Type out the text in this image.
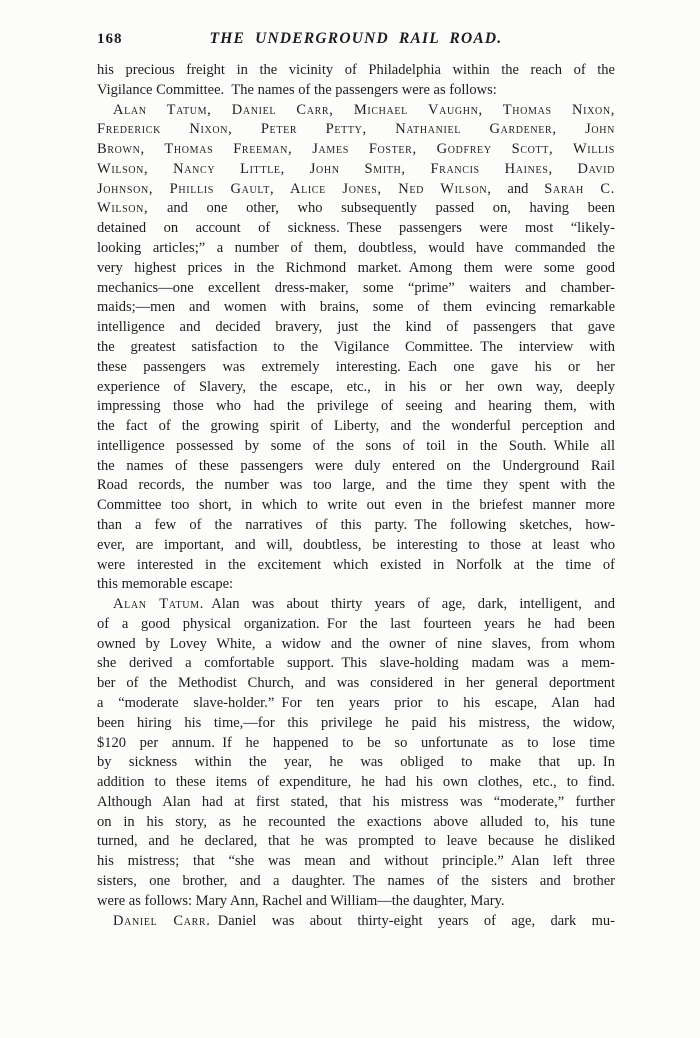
168	THE UNDERGROUND RAIL ROAD.
his precious freight in the vicinity of Philadelphia within the reach of the
Vigilance Committee. The names of the passengers were as follows:
Alan Tatum, Daniel Carr, Michael Vaughn, Thomas Nixon,
Frederick Nixon, Peter Petty, Nathaniel Gardener, John
Brown, Thomas Freeman, James Foster, Godfrey Scott, Willis
Wilson, Nancy Little, John Smith, Francis Haines, David
Johnson, Phillis Gault, Alice Jones, Ned Wilson, and Sarah C.
Wilson, and one other, who subsequently passed on, having been
detained on account of sickness. These passengers were most “likely-
looking articles;” a number of them, doubtless, would have commanded the
very highest prices in the Richmond market. Among them were some good
mechanics—one excellent dress-maker, some “prime” waiters and chamber-
maids;—men and women with brains, some of them evincing remarkable
intelligence and decided bravery, just the kind of passengers that gave
the greatest satisfaction to the Vigilance Committee. The interview with
these passengers was extremely interesting. Each one gave his or her
experience of Slavery, the escape, etc., in his or her own way, deeply
impressing those who had the privilege of seeing and hearing them, with
the fact of the growing spirit of Liberty, and the wonderful perception and
intelligence possessed by some of the sons of toil in the South. While all
the names of these passengers were duly entered on the Underground Rail
Road records, the number was too large, and the time they spent with the
Committee too short, in which to write out even in the briefest manner more
than a few of the narratives of this party. The following sketches, how-
ever, are important, and will, doubtless, be interesting to those at least who
were interested in the excitement which existed in Norfolk at the time of
this memorable escape:
Alan Tatum. Alan was about thirty years of age, dark, intelligent, and
of a good physical organization. For the last fourteen years he had been
owned by Lovey White, a widow and the owner of nine slaves, from whom
she derived a comfortable support. This slave-holding madam was a mem-
ber of the Methodist Church, and was considered in her general deportment
a “moderate slave-holder.” For ten years prior to his escape, Alan had
been hiring his time,—for this privilege he paid his mistress, the widow,
$120 per annum. If he happened to be so unfortunate as to lose time
by sickness within the year, he was obliged to make that up. In
addition to these items of expenditure, he had his own clothes, etc., to find.
Although Alan had at first stated, that his mistress was “moderate,” further
on in his story, as he recounted the exactions above alluded to, his tune
turned, and he declared, that he was prompted to leave because he disliked
his mistress; that “she was mean and without principle.” Alan left three
sisters, one brother, and a daughter. The names of the sisters and brother
were as follows: Mary Ann, Rachel and William—the daughter, Mary.
Daniel Carr. Daniel was about thirty-eight years of age, dark mu-
